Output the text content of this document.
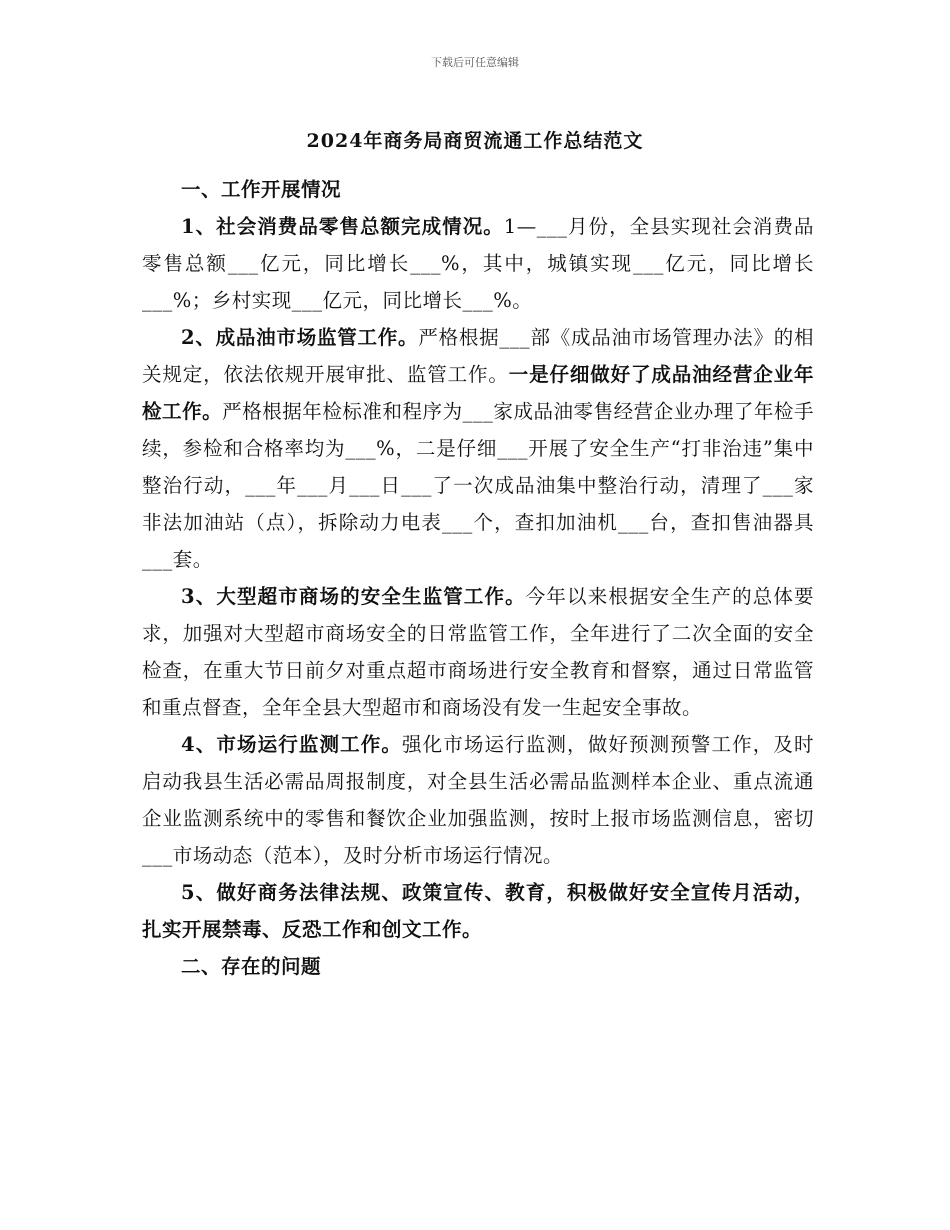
下载后可任意编辑
2024年商务局商贸流通工作总结范文

一、工作开展情况

1、社会消费品零售总额完成情况。1—___月份，全县实现社会消费品零售总额___亿元，同比增长___%，其中，城镇实现___亿元，同比增长___%；乡村实现___亿元，同比增长___%。

2、成品油市场监管工作。严格根据___部《成品油市场管理办法》的相关规定，依法依规开展审批、监管工作。一是仔细做好了成品油经营企业年检工作。严格根据年检标准和程序为___家成品油零售经营企业办理了年检手续，参检和合格率均为___%，二是仔细___开展了安全生产“打非治违”集中整治行动，___年___月___日___了一次成品油集中整治行动，清理了___家非法加油站（点），拆除动力电表___个，查扣加油机___台，查扣售油器具___套。

3、大型超市商场的安全生监管工作。今年以来根据安全生产的总体要求，加强对大型超市商场安全的日常监管工作，全年进行了二次全面的安全检查，在重大节日前夕对重点超市商场进行安全教育和督察，通过日常监管和重点督查，全年全县大型超市和商场没有发一生起安全事故。

4、市场运行监测工作。强化市场运行监测，做好预测预警工作，及时启动我县生活必需品周报制度，对全县生活必需品监测样本企业、重点流通企业监测系统中的零售和餐饮企业加强监测，按时上报市场监测信息，密切___市场动态（范本），及时分析市场运行情况。

5、做好商务法律法规、政策宣传、教育，积极做好安全宣传月活动，扎实开展禁毒、反恐工作和创文工作。

二、存在的问题
